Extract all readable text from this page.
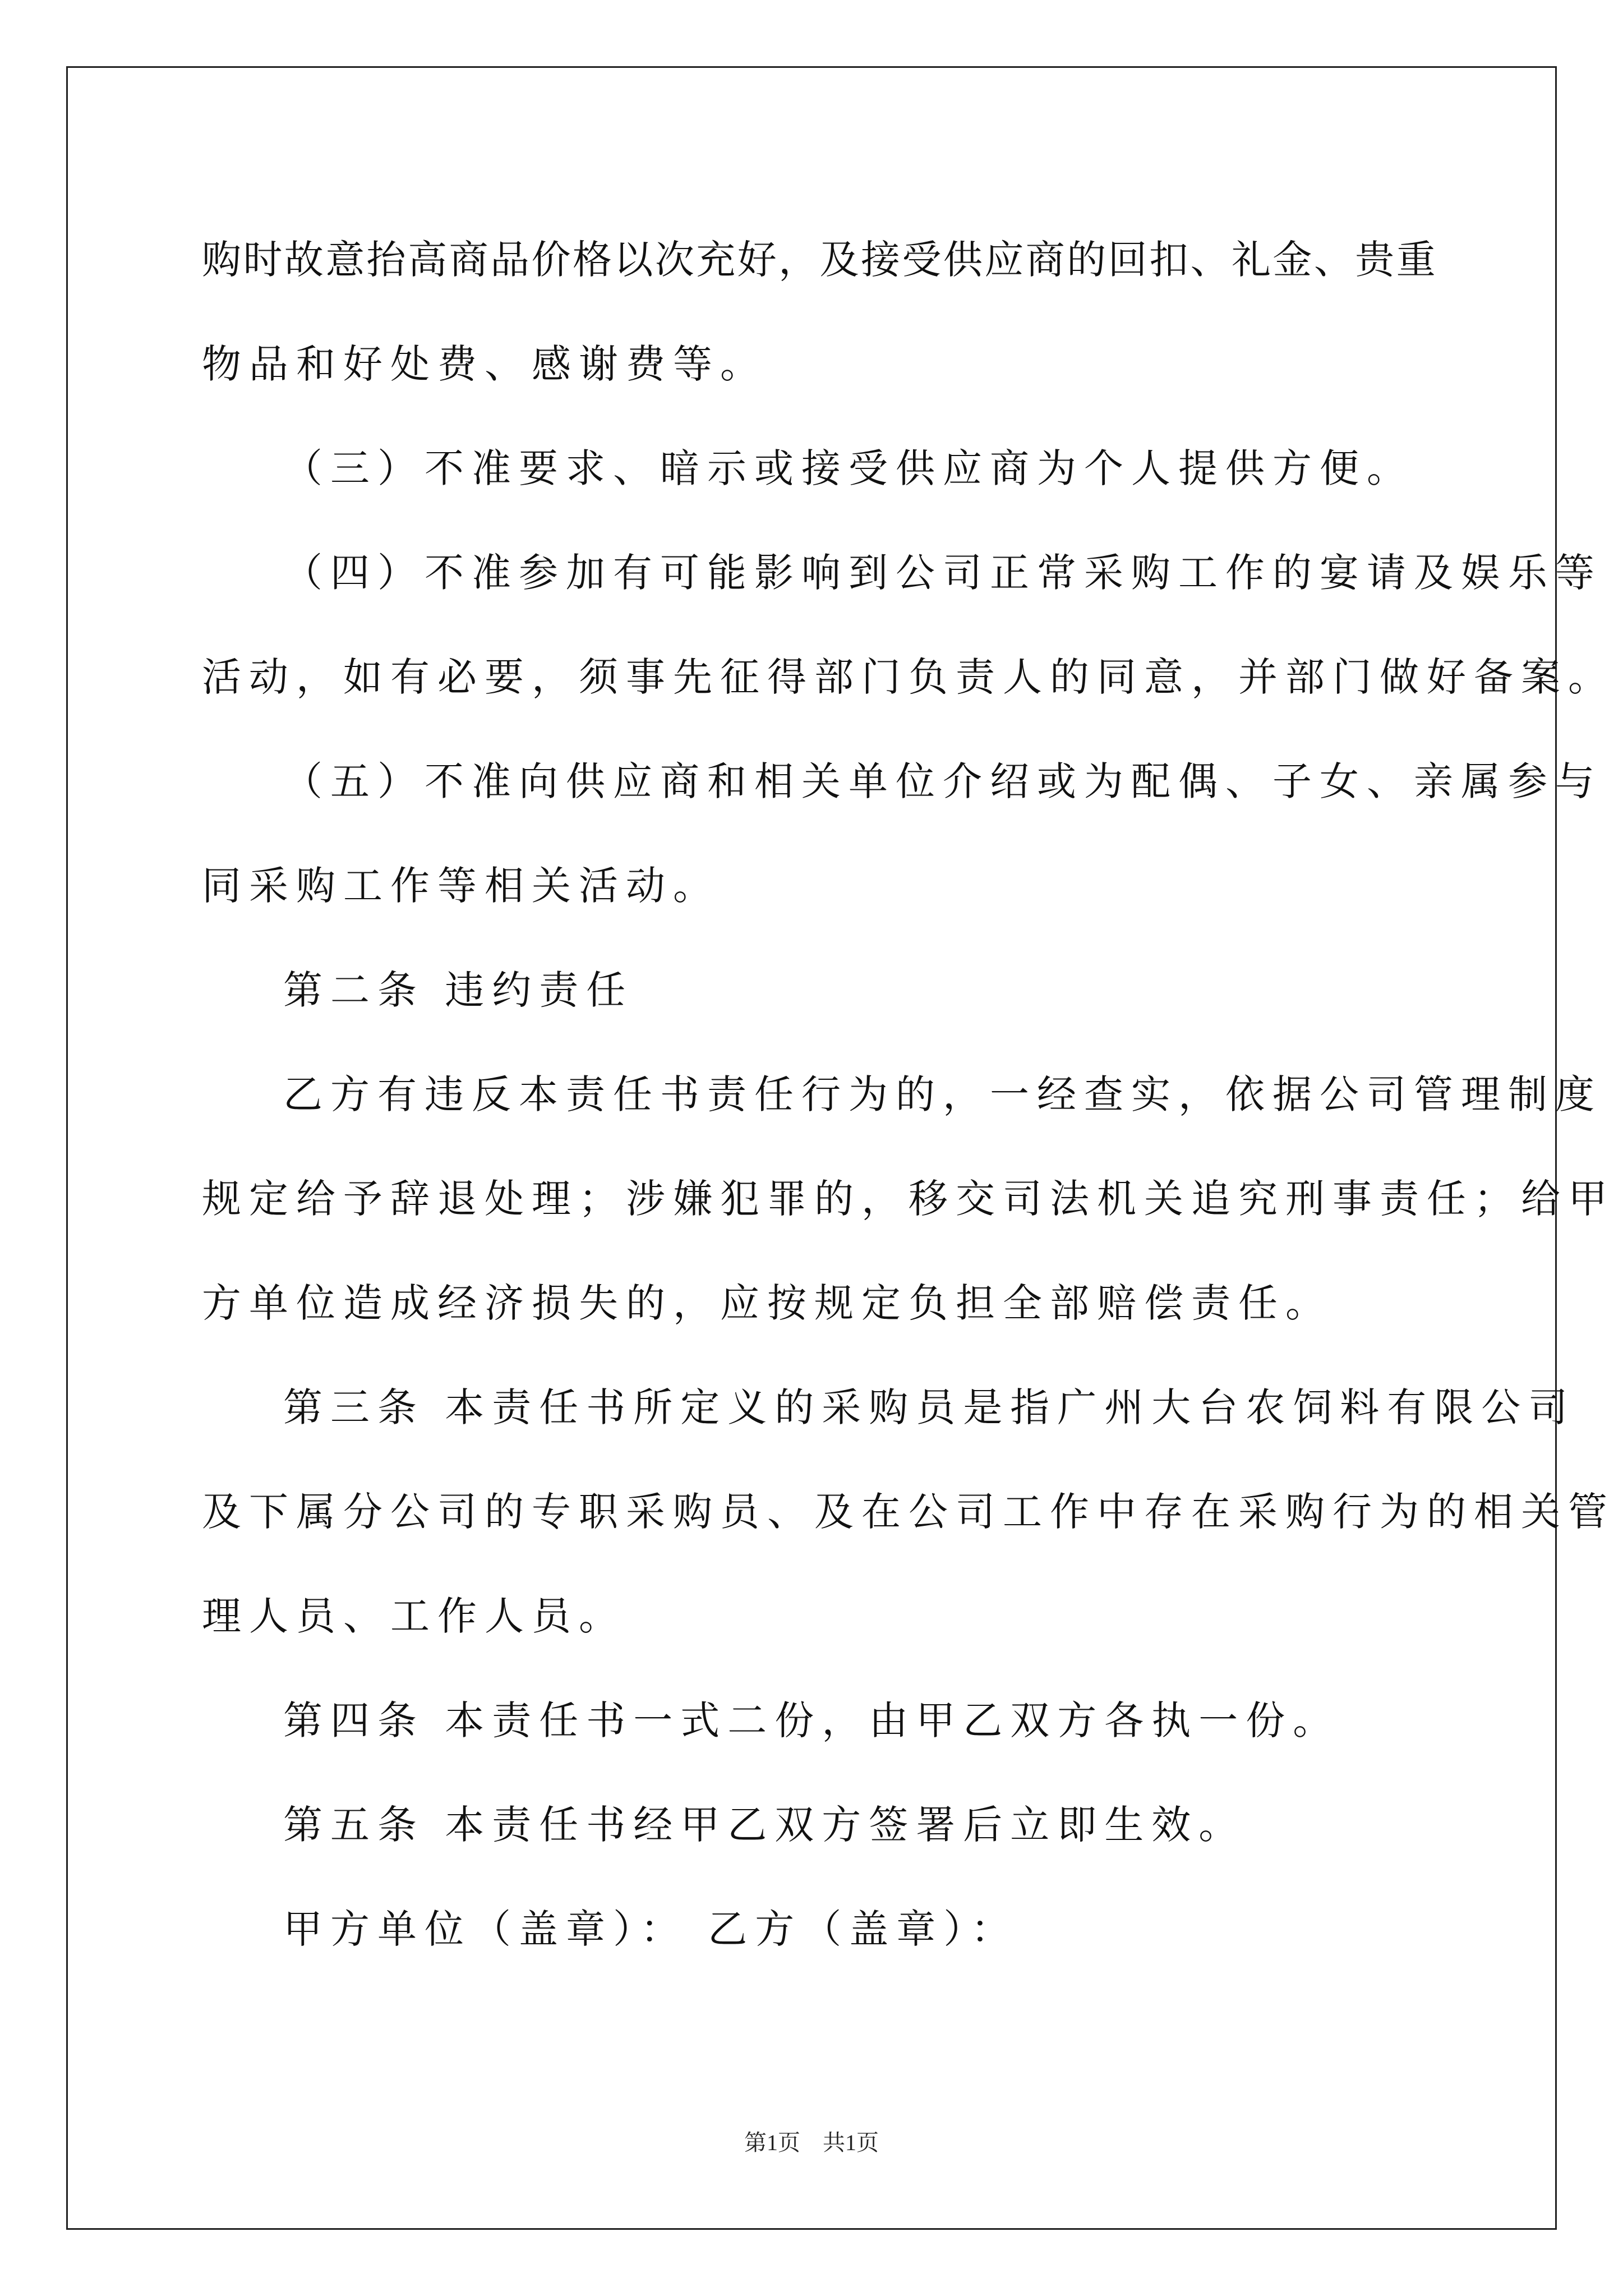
购 时 故 意 抬 高 商 品 价 格 以 次 充 好 ， 及 接 受 供 应 商 的 回 扣 、 礼 金 、 贵 重
物品和好处费、感谢费等。
（三）不准要求、暗示或接受供应商为个人提供方便。
（四）不准参加有可能影响到公司正常采购工作的宴请及娱乐等
活动，如有必要，须事先征得部门负责人的同意，并部门做好备案。
（五）不准向供应商和相关单位介绍或为配偶、子女、亲属参与
同采购工作等相关活动。
第二条 违约责任
乙方有违反本责任书责任行为的，一经查实，依据公司管理制度
规定给予辞退处理；涉嫌犯罪的，移交司法机关追究刑事责任；给甲
方单位造成经济损失的，应按规定负担全部赔偿责任。
第三条 本责任书所定义的采购员是指广州大台农饲料有限公司
及下属分公司的专职采购员、及在公司工作中存在采购行为的相关管
理人员、工作人员。
第四条 本责任书一式二份，由甲乙双方各执一份。
第五条 本责任书经甲乙双方签署后立即生效。
甲方单位（盖章）： 乙方（盖章）：
第1页 共1页
